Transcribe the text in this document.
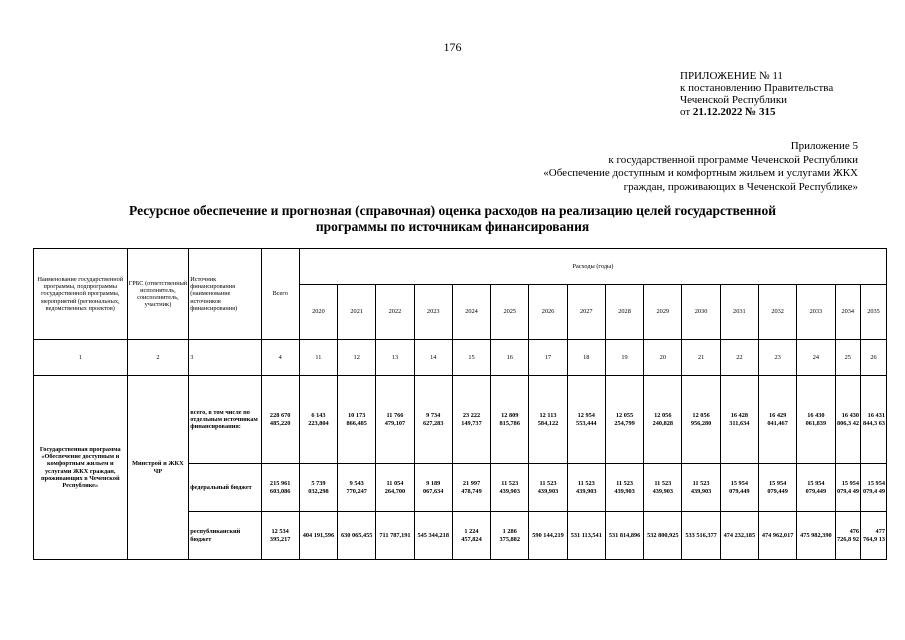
176
ПРИЛОЖЕНИЕ № 11
к постановлению Правительства
Чеченской Республики
от 21.12.2022 № 315
Приложение 5
к государственной программе Чеченской Республики
«Обеспечение доступным и комфортным жильем и услугами ЖКХ
граждан, проживающих в Чеченской Республике»
Ресурсное обеспечение и прогнозная (справочная) оценка расходов на реализацию целей государственной
программы по источникам финансирования
Наименование государственной программы, подпрограммы государственной программы, мероприятий (региональных, ведомственных проектов)	ГРБС (ответственный исполнитель, соисполнитель, участник)	Источник финансирования (наименование источников финансирования)	Всего	Расходы (годы)															
				2020	2021	2022	2023	2024	2025	2026	2027	2028	2029	2030	2031	2032	2033	2034	2035
1	2	3	4	11	12	13	14	15	16	17	18	19	20	21	22	23	24	25	26
Государственная программа «Обеспечение доступным и комфортным жильем и услугами ЖКХ граждан, проживающих в Чеченской Республике»	Минстрой и ЖКХ ЧР	всего, в том числе по отдельным источникам финансирования:	228 670 485,220	6 143 223,804	10 173 866,485	11 766 479,107	9 734 627,283	23 222 149,737	12 809 815,786	12 113 584,122	12 954 553,444	12 055 254,799	12 056 240,828	12 056 956,280	16 428 311,634	16 429 041,467	16 430 061,839	16 430 806,3 42	16 431 844,3 63
		федеральный бюджет	215 961 603,086	5 739 032,298	9 543 770,247	11 054 264,700	9 189 067,634	21 997 478,749	11 523 439,903	11 523 439,903	11 523 439,903	11 523 439,903	11 523 439,903	11 523 439,903	15 954 079,449	15 954 079,449	15 954 079,449	15 954 079,4 49	15 954 079,4 49
		республиканский бюджет	12 534 395,217	404 191,596	630 065,455	711 787,191	545 344,218	1 224 457,824	1 286 375,882	590 144,219	531 113,541	531 814,896	532 800,925	533 516,377	474 232,185	474 962,017	475 982,390	476 726,8 92	477 764,9 13
